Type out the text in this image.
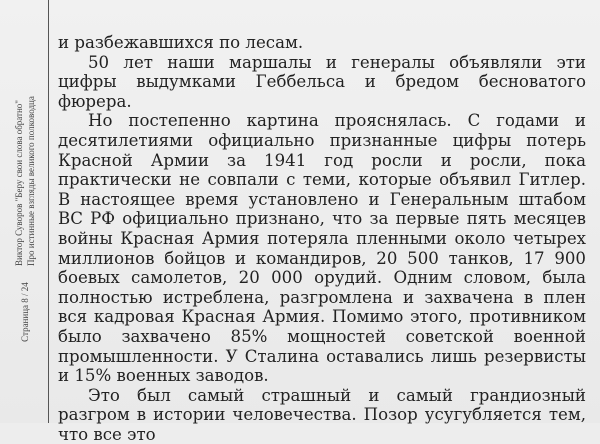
Страница 8 / 24
Виктор Суворов "Беру свои слова обратно" Про истинные взгляды великого полководца

и разбежавшихся по лесам.

50 лет наши маршалы и генералы объявляли эти цифры выдумками Геббельса и бредом бесноватого фюрера.

Но постепенно картина прояснялась. С годами и десятилетиями официально признанные цифры потерь Красной Армии за 1941 год росли и росли, пока практически не совпали с теми, которые объявил Гитлер. В настоящее время установлено и Генеральным штабом ВС РФ официально признано, что за первые пять месяцев войны Красная Армия потеряла пленными около четырех миллионов бойцов и командиров, 20 500 танков, 17 900 боевых самолетов, 20 000 орудий. Одним словом, была полностью истреблена, разгромлена и захвачена в плен вся кадровая Красная Армия. Помимо этого, противником было захвачено 85% мощностей советской военной промышленности. У Сталина оставались лишь резервисты и 15% военных заводов.

Это был самый страшный и самый грандиозный разгром в истории человечества. Позор усугубляется тем, что все это
